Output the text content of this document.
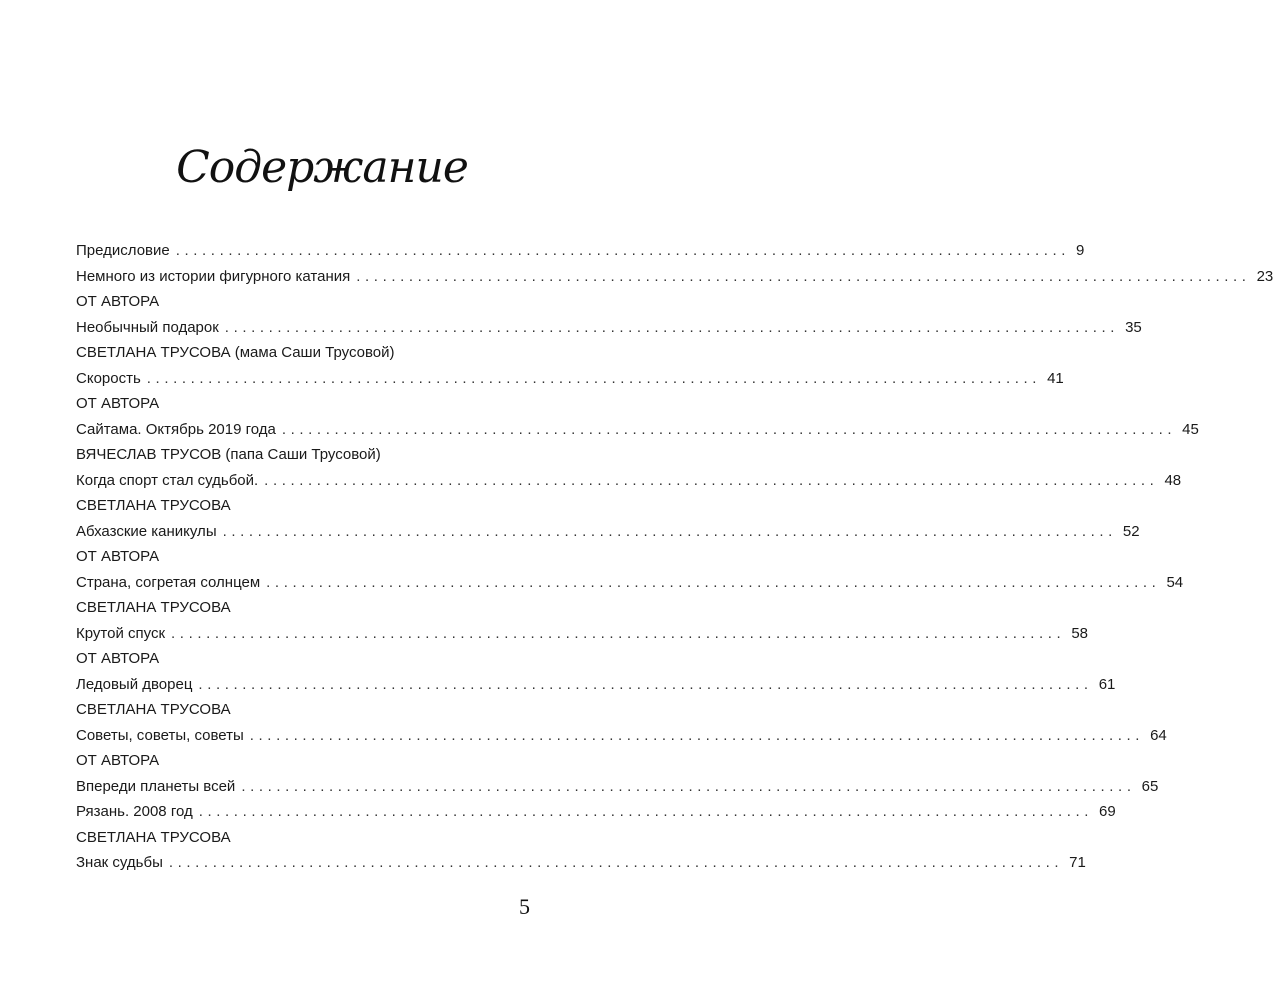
Содержание
Предисловие ...................................................................................................... 9
Немного из истории фигурного катания ...................................................................................................... 23
ОТ АВТОРА
Необычный подарок ...................................................................................................... 35
СВЕТЛАНА ТРУСОВА (мама Саши Трусовой)
Скорость ...................................................................................................... 41
ОТ АВТОРА
Сайтама. Октябрь 2019 года ...................................................................................................... 45
ВЯЧЕСЛАВ ТРУСОВ (папа Саши Трусовой)
Когда спорт стал судьбой. ...................................................................................................... 48
СВЕТЛАНА ТРУСОВА
Абхазские каникулы ...................................................................................................... 52
ОТ АВТОРА
Страна, согретая солнцем ...................................................................................................... 54
СВЕТЛАНА ТРУСОВА
Крутой спуск ...................................................................................................... 58
ОТ АВТОРА
Ледовый дворец ...................................................................................................... 61
СВЕТЛАНА ТРУСОВА
Советы, советы, советы ...................................................................................................... 64
ОТ АВТОРА
Впереди планеты всей ...................................................................................................... 65
Рязань. 2008 год ...................................................................................................... 69
СВЕТЛАНА ТРУСОВА
Знак судьбы ...................................................................................................... 71
5
